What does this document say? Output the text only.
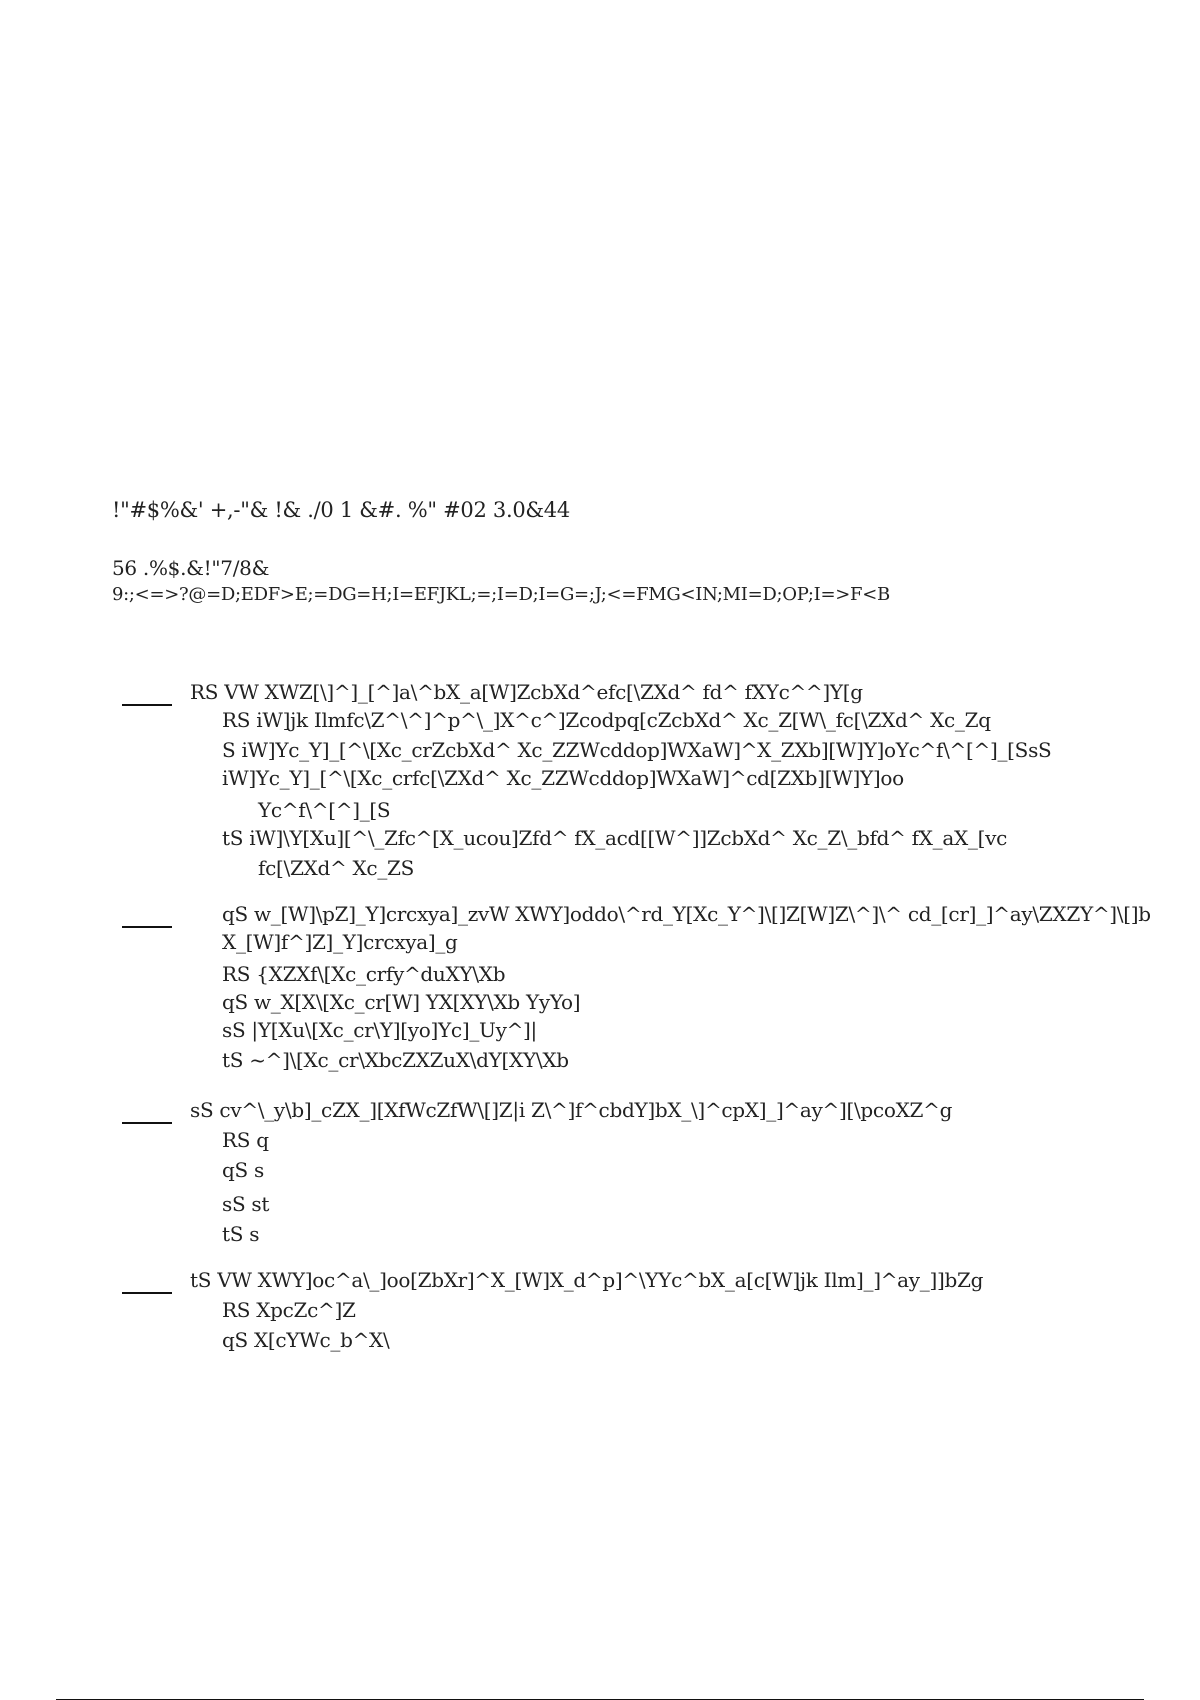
!"#$%&' +,-"& !& ./0 1 &#. %" #02 3.0&44
56 .%$.&!"7/8&
9:;<=>?@=D;EDF>E;=DG=H;I=EFJKL;=;I=D;I=G=;J;<=FMG<IN;MI=D;OP;I=>F<B
RS VW XWZ[\]^]_[^]a\^bX_a[W]ZcbXd^efc[\ZXd^ fd^ fXYc^^]Y[g
RS iW]jk Ilmfc\Z^\^]^p^\_]X^c^]Zcodpq[cZcbXd^ Xc_Z[W\_fc[\ZXd^ Xc_Zq
S iW]Yc_Y]_[^\[Xc_crZcbXd^ Xc_ZZWcddop]WXaW]^X_ZXb][W]Y]oYc^f\^[^]_[SsS
iW]Yc_Y]_[^\[Xc_crfc[\ZXd^ Xc_ZZWcddop]WXaW]^cd[ZXb][W]Y]oo
Yc^f\^[^]_[S
tS iW]\Y[Xu][^\_Zfc^[X_ucou]Zfd^ fX_acd[[W^]]ZcbXd^ Xc_Z\_bfd^ fX_aX_[vc
fc[\ZXd^ Xc_ZS
qS w_[W]\pZ]_Y]crcxya]_zvW XWY]oddo\^rd_Y[Xc_Y^]\[]Z[W]Z\^]\^ cd_[cr]_]^ay\ZXZY^]\[]b
X_[W]f^]Z]_Y]crcxya]_g
RS {XZXf\[Xc_crfy^duXY\Xb
qS w_X[X\[Xc_cr[W] YX[XY\Xb YyYo]
sS |Y[Xu\[Xc_cr\Y][yo]Yc]_Uy^]|
tS ~^]\[Xc_cr\XbcZXZuX\dY[XY\Xb
sS cv^\_y\b]_cZX_][XfWcZfW\[]Z|i Z\^]f^cbdY]bX_\]^cpX]_]^ay^][\pcoXZ^g
RS q
qS s
sS st
tS s
tS VW XWY]oc^a\_]oo[ZbXr]^X_[W]X_d^p]^\YYc^bX_a[c[W]jk Ilm]_]^ay_]]bZg
RS XpcZc^]Z
qS X[cYWc_b^X\
